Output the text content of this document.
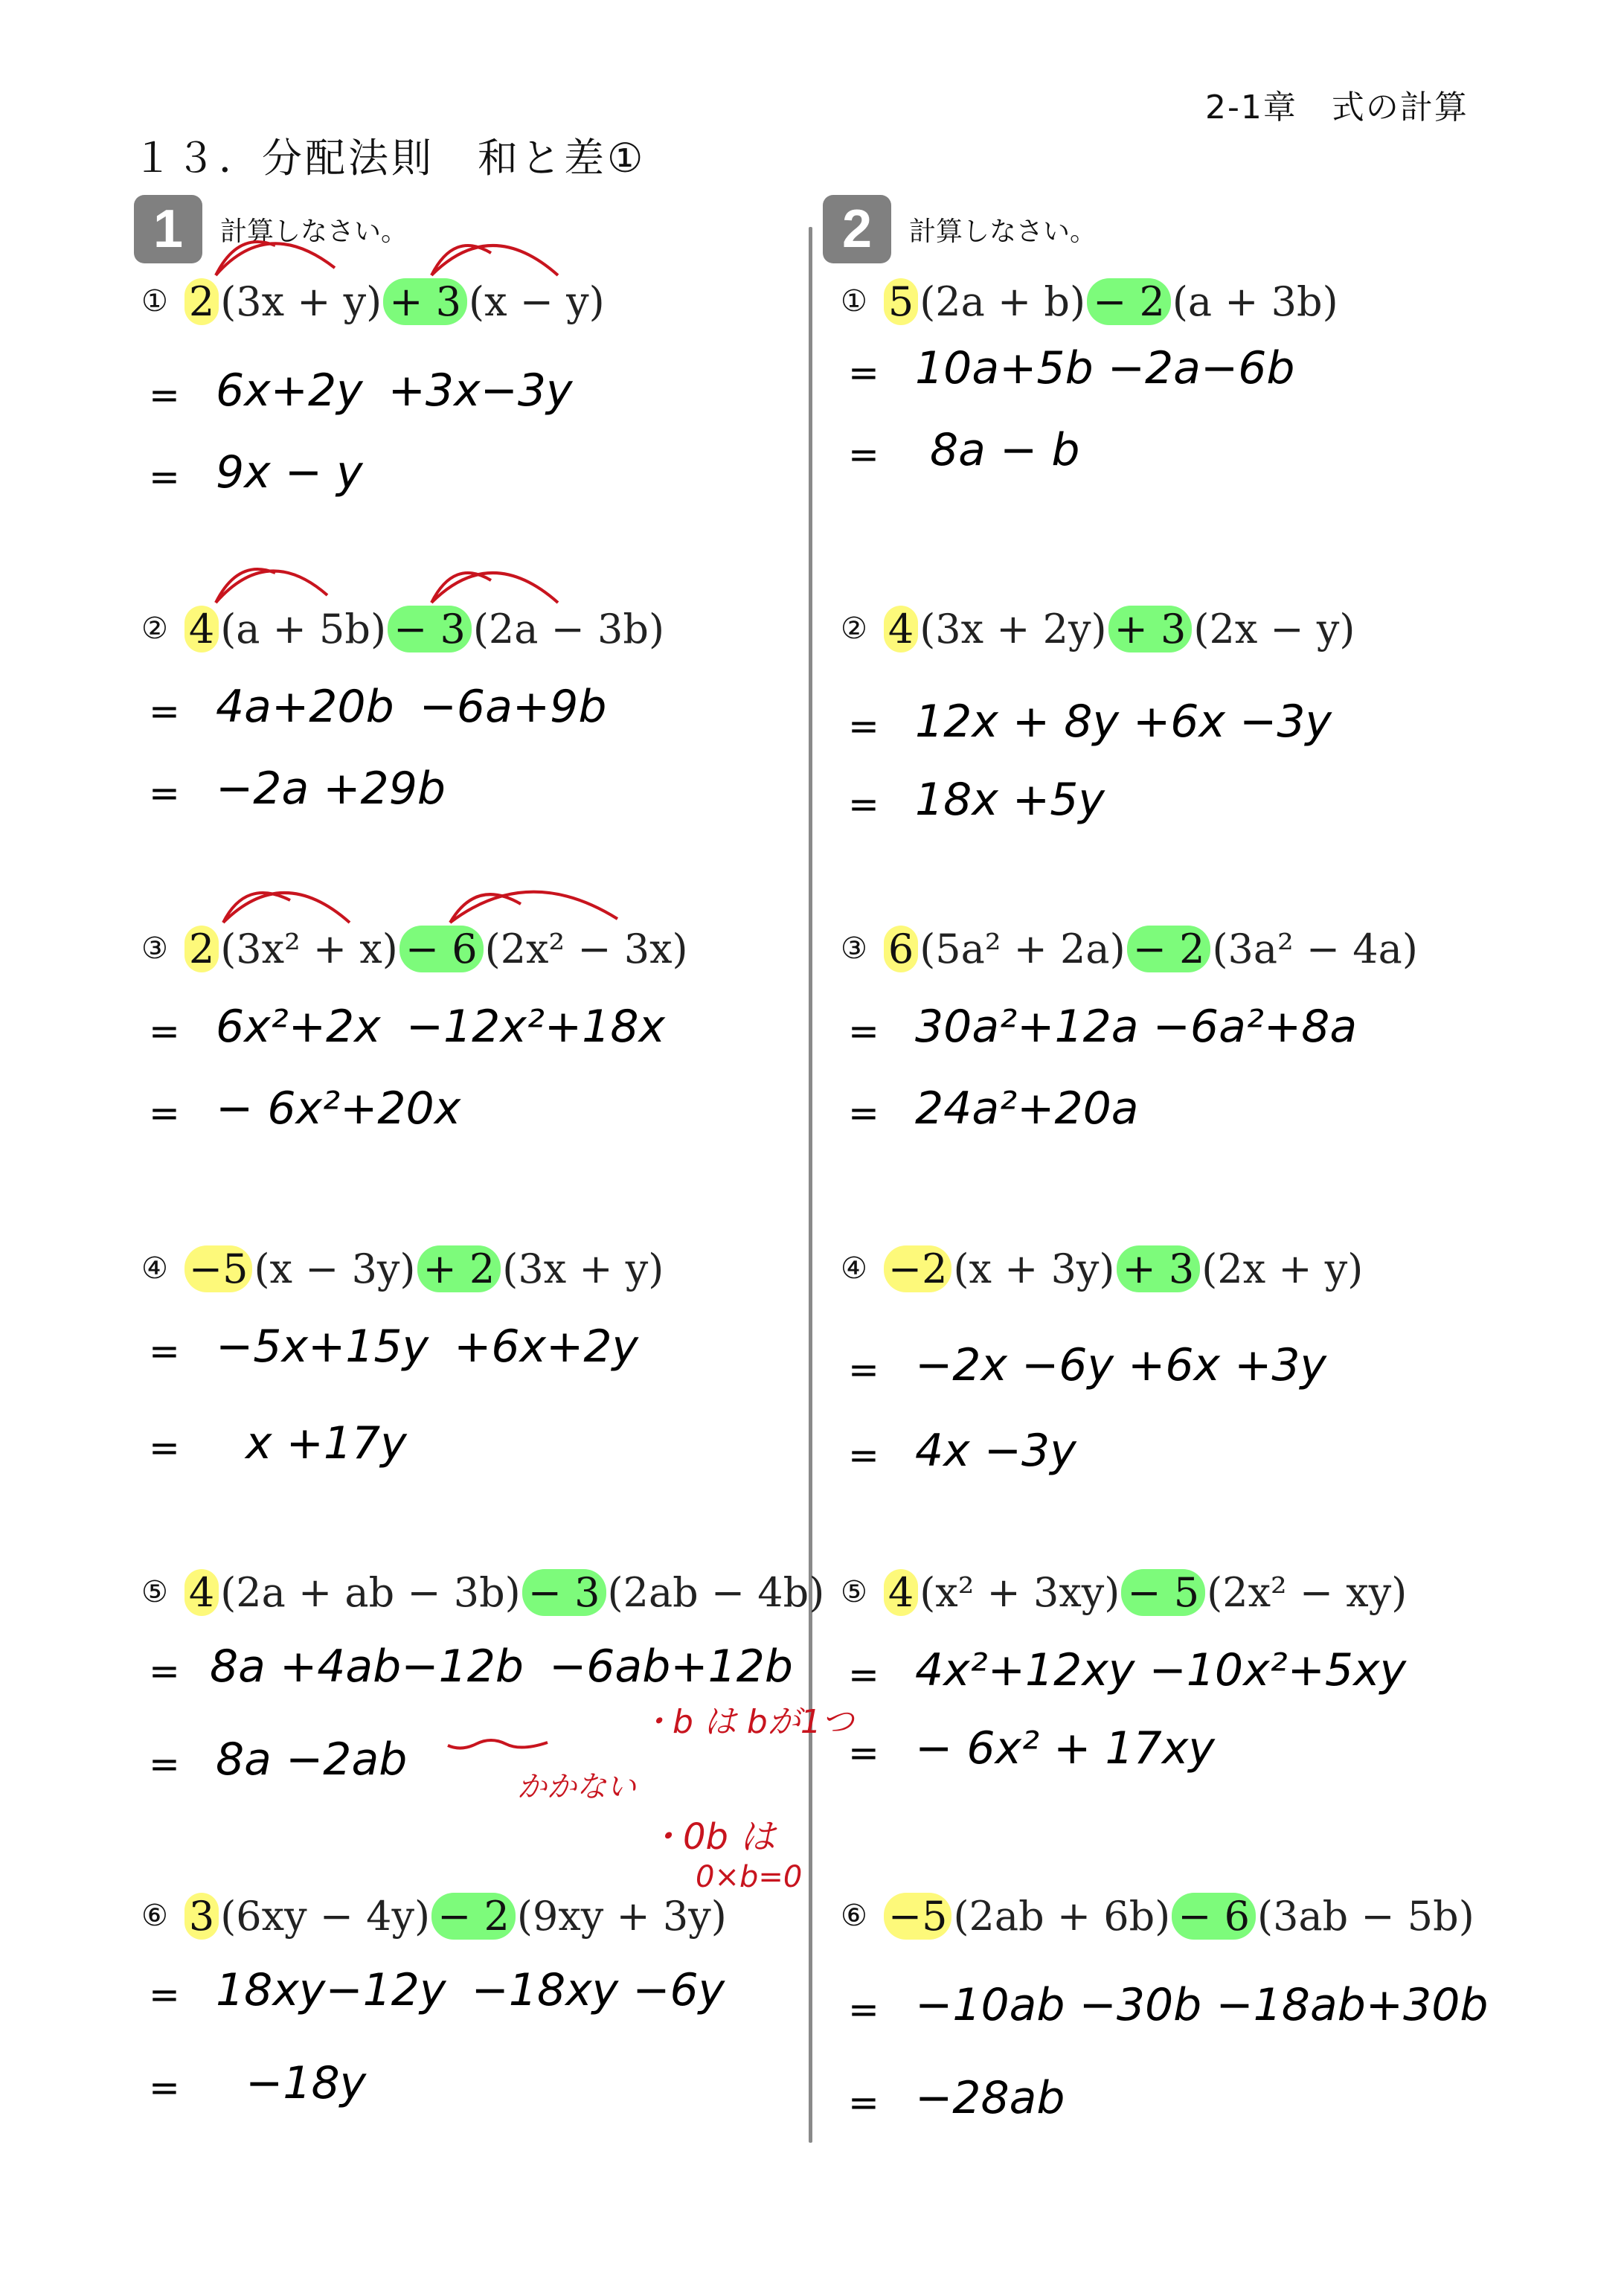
2-1章　式の計算
１３．分配法則　和と差①
1	計算しなさい。	2	計算しなさい。
① 2 (3x + y) + 3 (x − y)
= 6x+2y +3x−3y
= 9x − y
② 4 (a + 5b) − 3 (2a − 3b)
= 4a+20b −6a+9b
= −2a +29b
③ 2 (3x² + x) − 6 (2x² − 3x)
= 6x²+2x −12x²+18x
= − 6x²+20x
④ −5 (x − 3y) + 2 (3x + y)
= −5x+15y +6x+2y
=	x +17y
⑤ 4 (2a + ab − 3b) − 3 (2ab − 4b)
= 8a +4ab−12b −6ab+12b
= 8a −2ab
かかない
・b は bが1つ
・0b は
0×b=0
⑥ 3 (6xy − 4y) − 2 (9xy + 3y)
= 18xy−12y −18xy −6y
=	−18y
① 5 (2a + b) − 2 (a + 3b)
= 10a+5b −2a−6b
=	8a − b
② 4 (3x + 2y) + 3 (2x − y)
= 12x + 8y +6x −3y
= 18x +5y
③ 6 (5a² + 2a) − 2 (3a² − 4a)
= 30a²+12a −6a²+8a
= 24a²+20a
④ −2 (x + 3y) + 3 (2x + y)
= −2x −6y +6x +3y
= 4x −3y
⑤ 4 (x² + 3xy) − 5 (2x² − xy)
= 4x²+12xy −10x²+5xy
= − 6x² + 17xy
⑥ −5 (2ab + 6b) − 6 (3ab − 5b)
= −10ab −30b −18ab+30b
= −28ab
